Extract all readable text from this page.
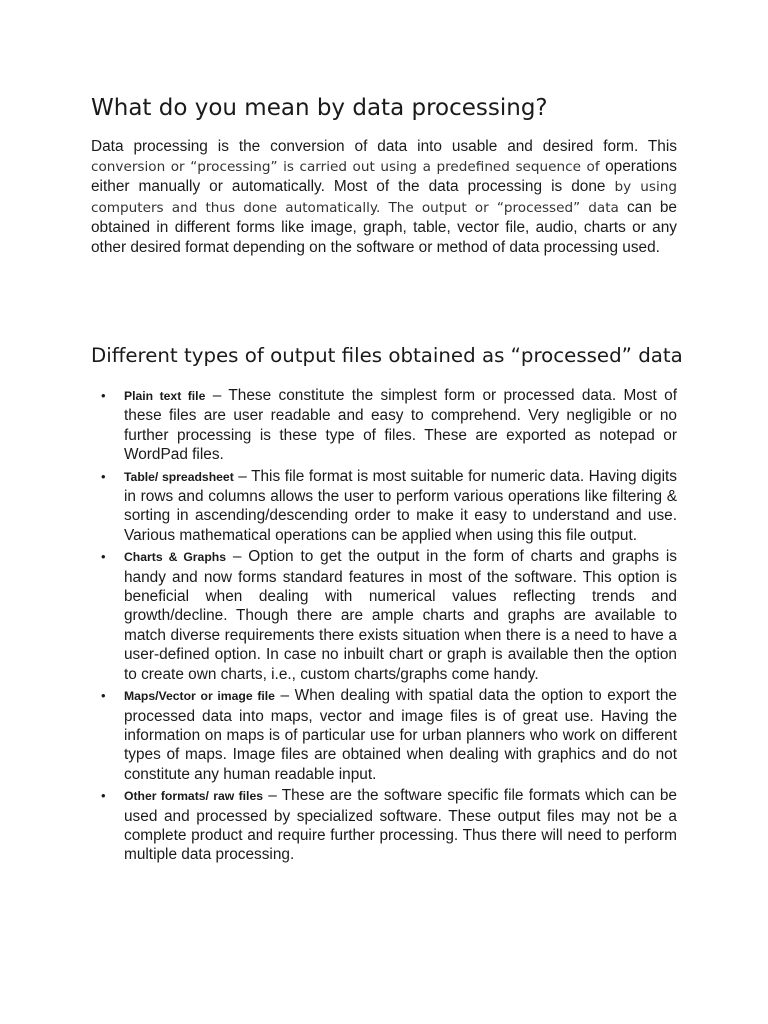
What do you mean by data processing?

Data processing is the conversion of data into usable and desired form. This conversion or “processing” is carried out using a predefined sequence of operations either manually or automatically. Most of the data processing is done by using computers and thus done automatically. The output or “processed” data can be obtained in different forms like image, graph, table, vector file, audio, charts or any other desired format depending on the software or method of data processing used.

Different types of output files obtained as “processed” data
• Plain text file – These constitute the simplest form or processed data. Most of these files are user readable and easy to comprehend. Very negligible or no further processing is these type of files. These are exported as notepad or WordPad files.
• Table/ spreadsheet – This file format is most suitable for numeric data. Having digits in rows and columns allows the user to perform various operations like filtering & sorting in ascending/descending order to make it easy to understand and use. Various mathematical operations can be applied when using this file output.
• Charts & Graphs – Option to get the output in the form of charts and graphs is handy and now forms standard features in most of the software. This option is beneficial when dealing with numerical values reflecting trends and growth/decline. Though there are ample charts and graphs are available to match diverse requirements there exists situation when there is a need to have a user-defined option. In case no inbuilt chart or graph is available then the option to create own charts, i.e., custom charts/graphs come handy.
• Maps/Vector or image file – When dealing with spatial data the option to export the processed data into maps, vector and image files is of great use. Having the information on maps is of particular use for urban planners who work on different types of maps. Image files are obtained when dealing with graphics and do not constitute any human readable input.
• Other formats/ raw files – These are the software specific file formats which can be used and processed by specialized software. These output files may not be a complete product and require further processing. Thus there will need to perform multiple data processing.
